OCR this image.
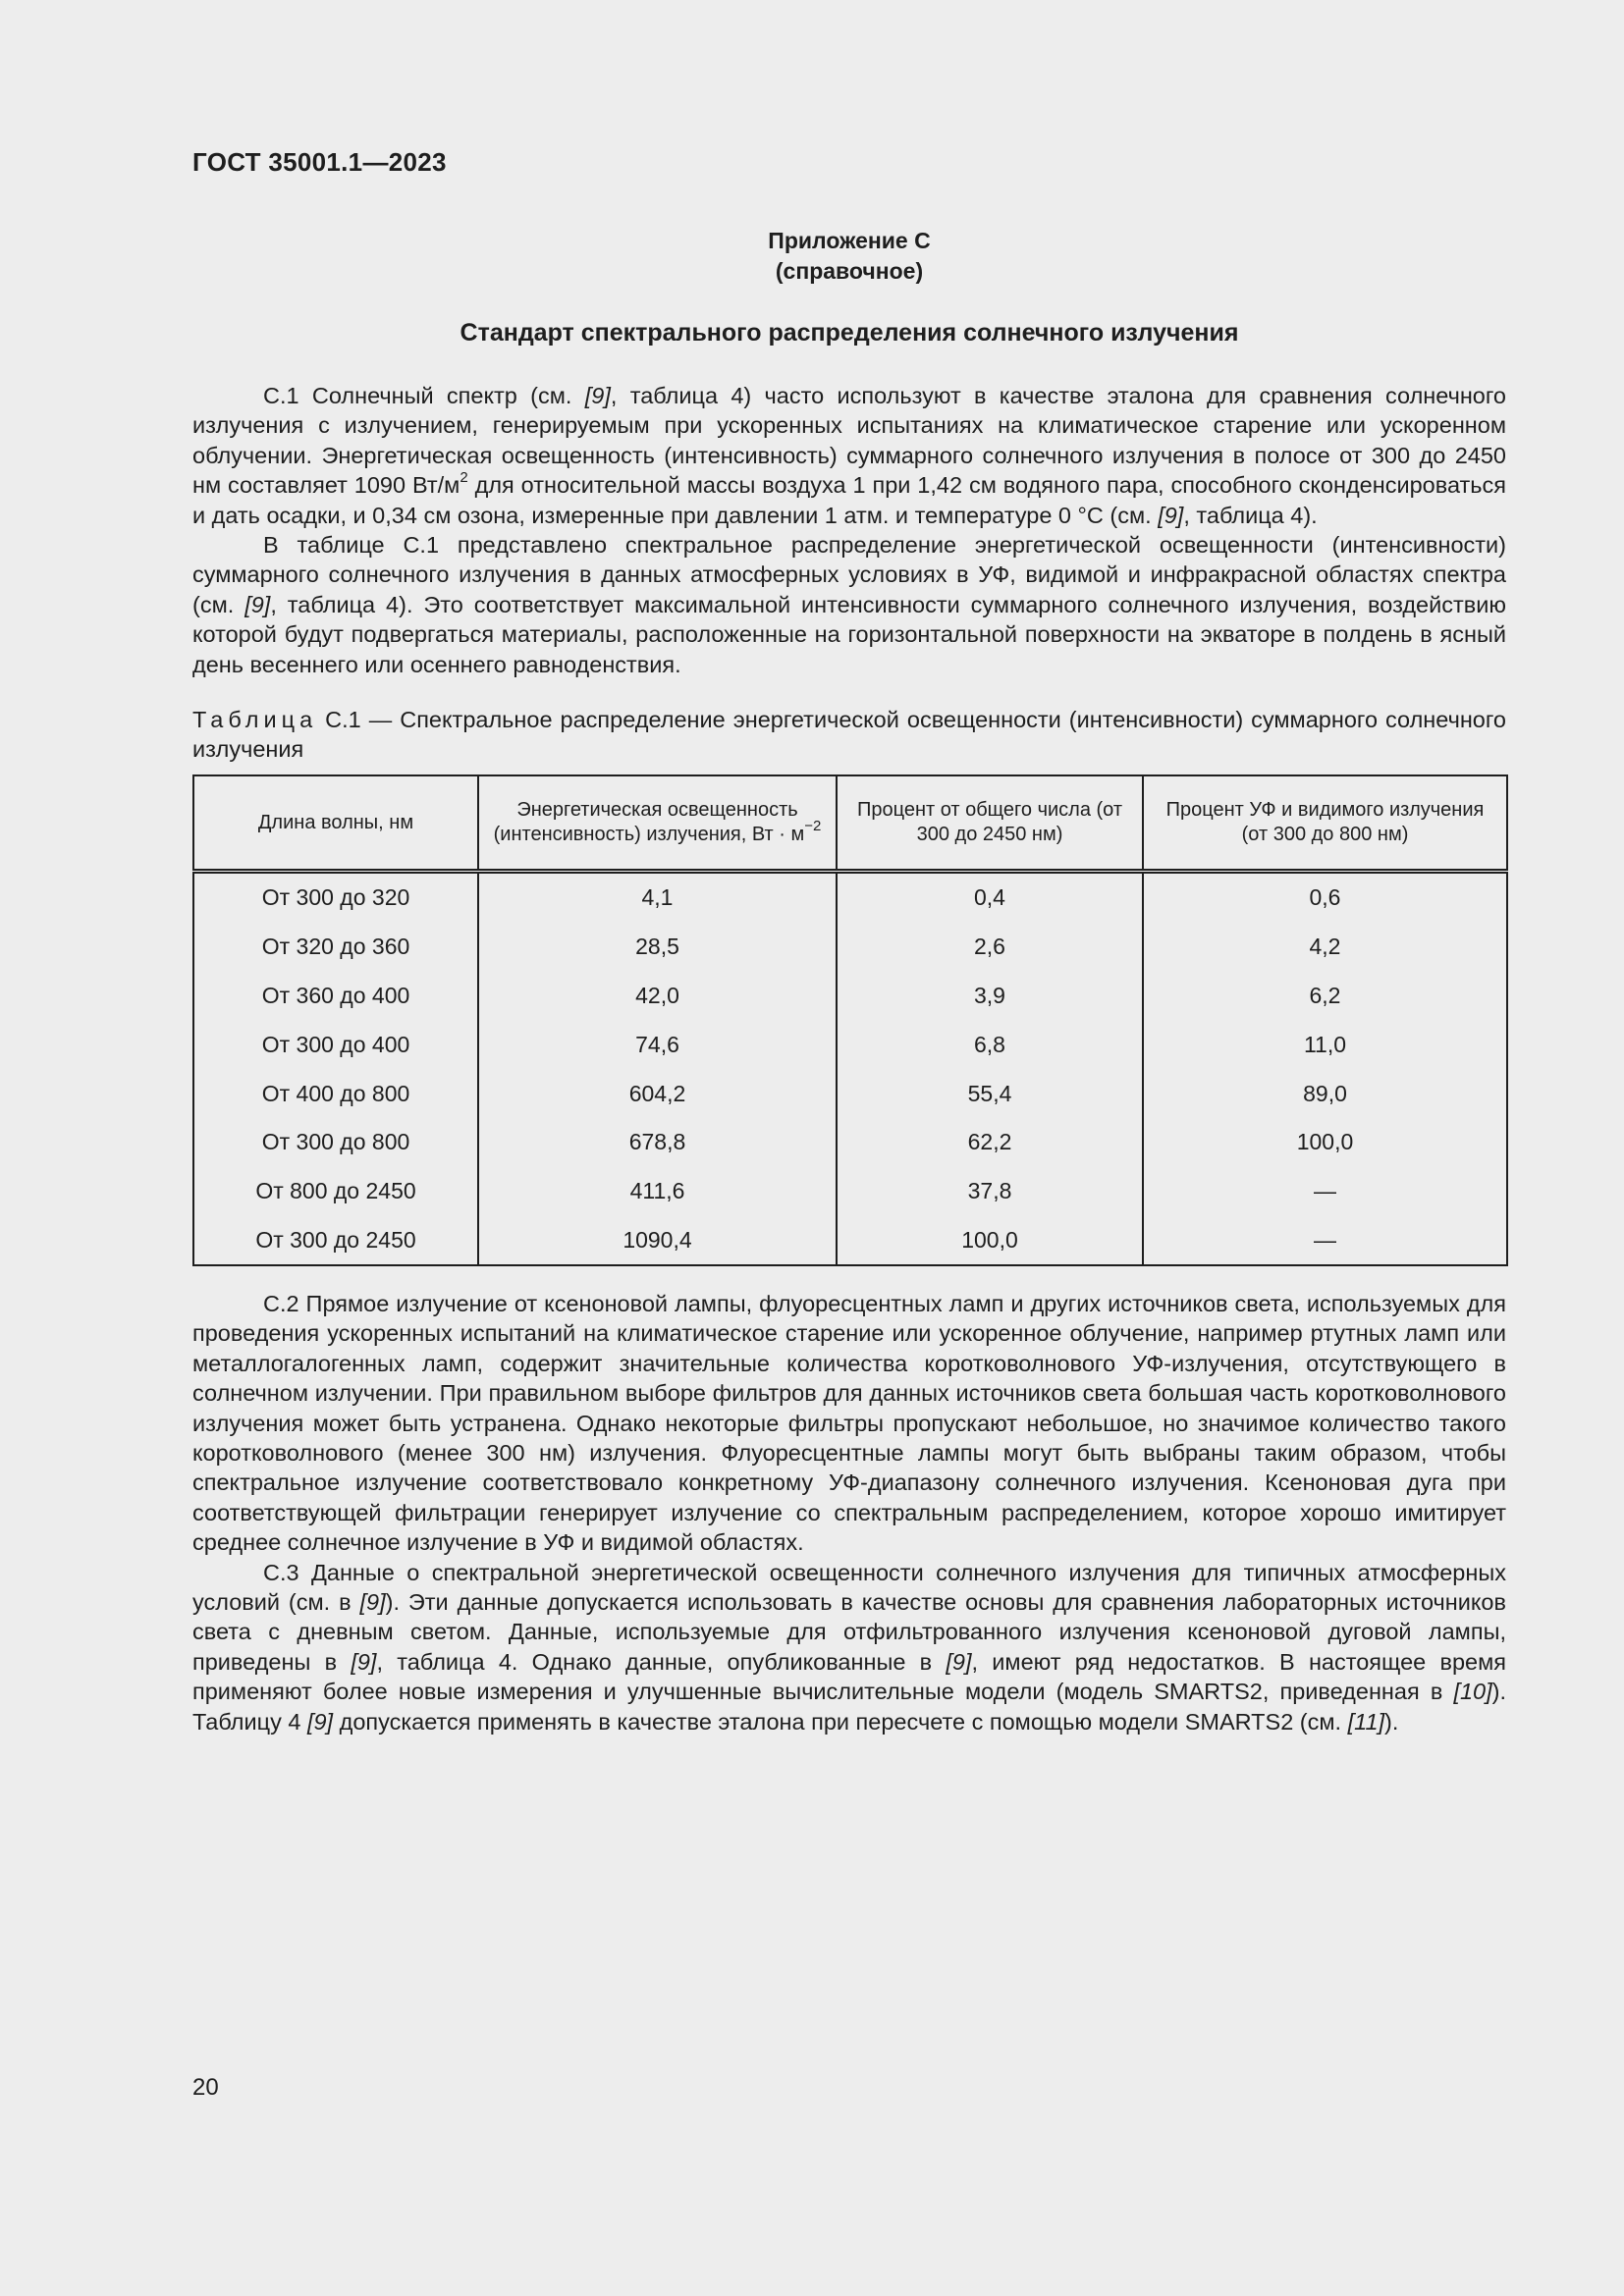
ГОСТ 35001.1—2023
Приложение С
(справочное)
Стандарт спектрального распределения солнечного излучения

С.1 Солнечный спектр (см. [9], таблица 4) часто используют в качестве эталона для сравнения солнечного излучения с излучением, генерируемым при ускоренных испытаниях на климатическое старение или ускоренном облучении. Энергетическая освещенность (интенсивность) суммарного солнечного излучения в полосе от 300 до 2450 нм составляет 1090 $Вт/м^2$ для относительной массы воздуха 1 при 1,42 см водяного пара, способного сконденсироваться и дать осадки, и 0,34 см озона, измеренные при давлении 1 атм. и температуре 0 °С (см. [9], таблица 4).

В таблице С.1 представлено спектральное распределение энергетической освещенности (интенсивности) суммарного солнечного излучения в данных атмосферных условиях в УФ, видимой и инфракрасной областях спектра (см. [9], таблица 4). Это соответствует максимальной интенсивности суммарного солнечного излучения, воздействию которой будут подвергаться материалы, расположенные на горизонтальной поверхности на экваторе в полдень в ясный день весеннего или осеннего равноденствия.

Таблица С.1 — Спектральное распределение энергетической освещенности (интенсивности) суммарного солнечного излучения
Длина волны, нм	Энергетическая освещенность (интенсивность) излучения, Вт · $м^{-2}$	Процент от общего числа (от 300 до 2450 нм)	Процент УФ и видимого излучения (от 300 до 800 нм)
От 300 до 320	4,1	0,4	0,6
От 320 до 360	28,5	2,6	4,2
От 360 до 400	42,0	3,9	6,2
От 300 до 400	74,6	6,8	11,0
От 400 до 800	604,2	55,4	89,0
От 300 до 800	678,8	62,2	100,0
От 800 до 2450	411,6	37,8	—
От 300 до 2450	1090,4	100,0	—

С.2 Прямое излучение от ксеноновой лампы, флуоресцентных ламп и других источников света, используемых для проведения ускоренных испытаний на климатическое старение или ускоренное облучение, например ртутных ламп или металлогалогенных ламп, содержит значительные количества коротковолнового УФ-излучения, отсутствующего в солнечном излучении. При правильном выборе фильтров для данных источников света большая часть коротковолнового излучения может быть устранена. Однако некоторые фильтры пропускают небольшое, но значимое количество такого коротковолнового (менее 300 нм) излучения. Флуоресцентные лампы могут быть выбраны таким образом, чтобы спектральное излучение соответствовало конкретному УФ-диапазону солнечного излучения. Ксеноновая дуга при соответствующей фильтрации генерирует излучение со спектральным распределением, которое хорошо имитирует среднее солнечное излучение в УФ и видимой областях.

С.3 Данные о спектральной энергетической освещенности солнечного излучения для типичных атмосферных условий (см. в [9]). Эти данные допускается использовать в качестве основы для сравнения лабораторных источников света с дневным светом. Данные, используемые для отфильтрованного излучения ксеноновой дуговой лампы, приведены в [9], таблица 4. Однако данные, опубликованные в [9], имеют ряд недостатков. В настоящее время применяют более новые измерения и улучшенные вычислительные модели (модель SMARTS2, приведенная в [10]). Таблицу 4 [9] допускается применять в качестве эталона при пересчете с помощью модели SMARTS2 (см. [11]).

20
